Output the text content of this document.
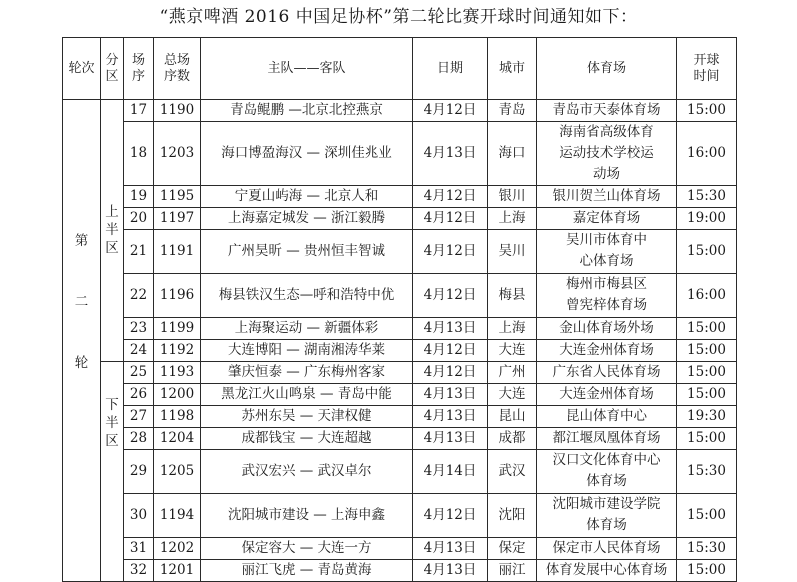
“燕京啤酒 2016 中国足协杯”第二轮比赛开球时间通知如下：
轮次	分区	场序	总场序数	主队——客队	日期	城市	体育场	开球时间

第二轮	上半区	17	1190	青岛鲲鹏 —北京北控燕京	4月12日	青岛	青岛市天泰体育场	15:00
		18	1203	海口博盈海汉 — 深圳佳兆业	4月13日	海口	海南省高级体育运动技术学校运动场	16:00
		19	1195	宁夏山屿海 — 北京人和	4月12日	银川	银川贺兰山体育场	15:30
		20	1197	上海嘉定城发 — 浙江毅腾	4月12日	上海	嘉定体育场	19:00
		21	1191	广州昊昕 — 贵州恒丰智诚	4月12日	吴川	吴川市体育中心体育场	15:00
		22	1196	梅县铁汉生态—呼和浩特中优	4月12日	梅县	梅州市梅县区曾宪梓体育场	16:00
		23	1199	上海聚运动 — 新疆体彩	4月13日	上海	金山体育场外场	15:00
		24	1192	大连博阳 — 湖南湘涛华莱	4月12日	大连	大连金州体育场	15:00

	下半区	25	1193	肇庆恒泰 — 广东梅州客家	4月12日	广州	广东省人民体育场	15:00
		26	1200	黑龙江火山鸣泉 — 青岛中能	4月13日	大连	大连金州体育场	15:00
		27	1198	苏州东吴 — 天津权健	4月13日	昆山	昆山体育中心	19:30
		28	1204	成都钱宝 — 大连超越	4月13日	成都	都江堰凤凰体育场	15:00
		29	1205	武汉宏兴 — 武汉卓尔	4月14日	武汉	汉口文化体育中心体育场	15:30
		30	1194	沈阳城市建设 — 上海申鑫	4月12日	沈阳	沈阳城市建设学院体育场	15:00
		31	1202	保定容大 — 大连一方	4月13日	保定	保定市人民体育场	15:30
		32	1201	丽江飞虎 — 青岛黄海	4月13日	丽江	体育发展中心体育场	15:00
